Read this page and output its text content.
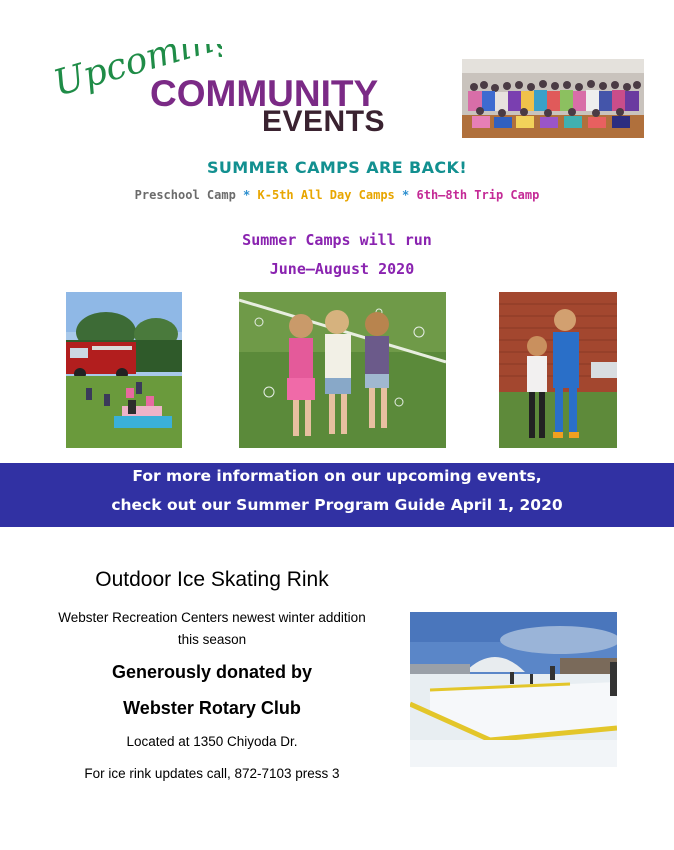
Upcoming
COMMUNITY
EVENTS
SUMMER CAMPS ARE BACK!
Preschool Camp * K-5th All Day Camps * 6th—8th Trip Camp
Summer Camps will run
June—August 2020
For more information on our upcoming events,
check out our Summer Program Guide April 1, 2020
Outdoor Ice Skating Rink
Webster Recreation Centers newest winter addition
this season
Generously donated by
Webster Rotary Club
Located at 1350 Chiyoda Dr.
For ice rink updates call, 872-7103 press 3
